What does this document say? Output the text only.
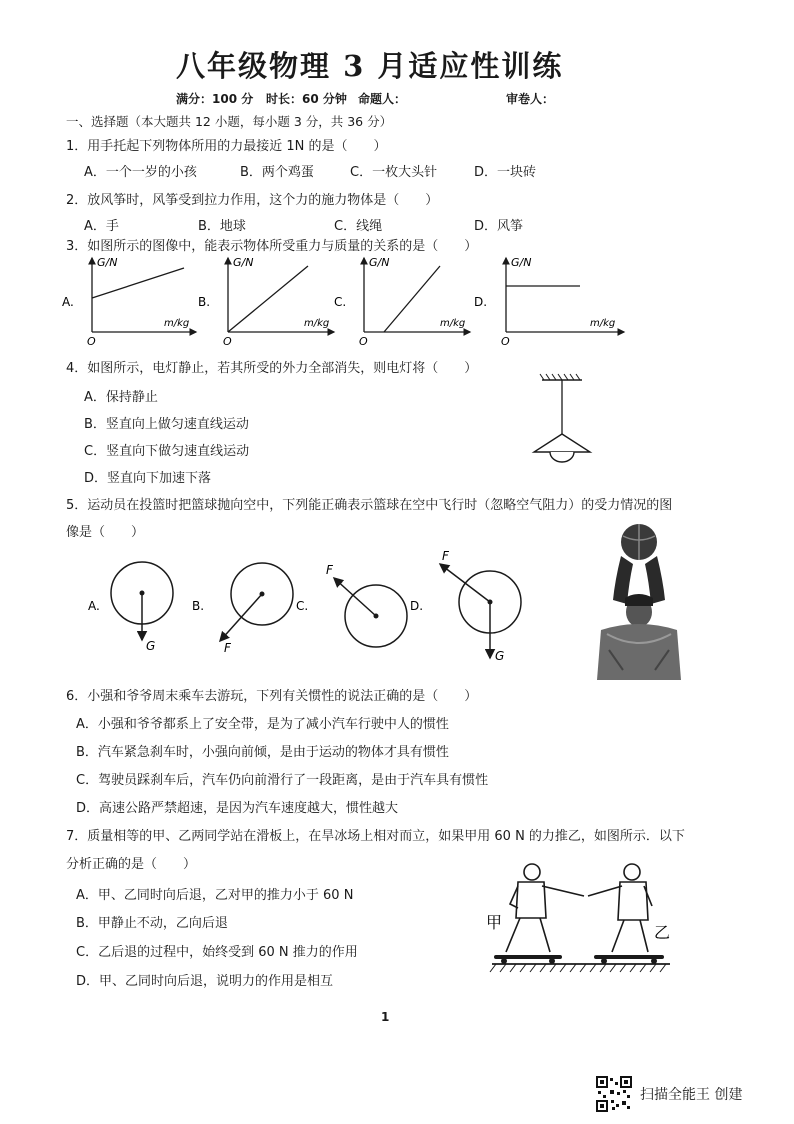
八年级物理 3 月适应性训练
满分：100 分 时长：60 分钟 命题人：	审卷人：
一、选择题（本大题共 12 小题，每小题 3 分，共 36 分）
1．用手托起下列物体所用的力最接近 1N 的是（　　）
A．一个一岁的小孩	B．两个鸡蛋	C．一枚大头针	D．一块砖
2．放风筝时，风筝受到拉力作用，这个力的施力物体是（　　）
A．手	B．地球	C．线绳	D．风筝
3．如图所示的图像中，能表示物体所受重力与质量的关系的是（　　）
A.
G/N
m/kg
O
B.
G/N
m/kg
O
C.
G/N
m/kg
O
D.
G/N
m/kg
O
4．如图所示，电灯静止，若其所受的外力全部消失，则电灯将（　　）
A．保持静止
B．竖直向上做匀速直线运动
C．竖直向下做匀速直线运动
D．竖直向下加速下落
5．运动员在投篮时把篮球抛向空中，下列能正确表示篮球在空中飞行时（忽略空气阻力）的受力情况的图
像是（　　）
A.
G
B.
F
C.
F
D.
F
G
6．小强和爷爷周末乘车去游玩，下列有关惯性的说法正确的是（　　）
A．小强和爷爷都系上了安全带，是为了减小汽车行驶中人的惯性
B．汽车紧急刹车时，小强向前倾，是由于运动的物体才具有惯性
C．驾驶员踩刹车后，汽车仍向前滑行了一段距离，是由于汽车具有惯性
D．高速公路严禁超速，是因为汽车速度越大，惯性越大
7．质量相等的甲、乙两同学站在滑板上，在旱冰场上相对而立，如果甲用 60 N 的力推乙，如图所示．以下
分析正确的是（　　）
A．甲、乙同时向后退，乙对甲的推力小于 60 N
B．甲静止不动，乙向后退
C．乙后退的过程中，始终受到 60 N 推力的作用
D．甲、乙同时向后退，说明力的作用是相互
甲
乙
1
扫描全能王 创建
